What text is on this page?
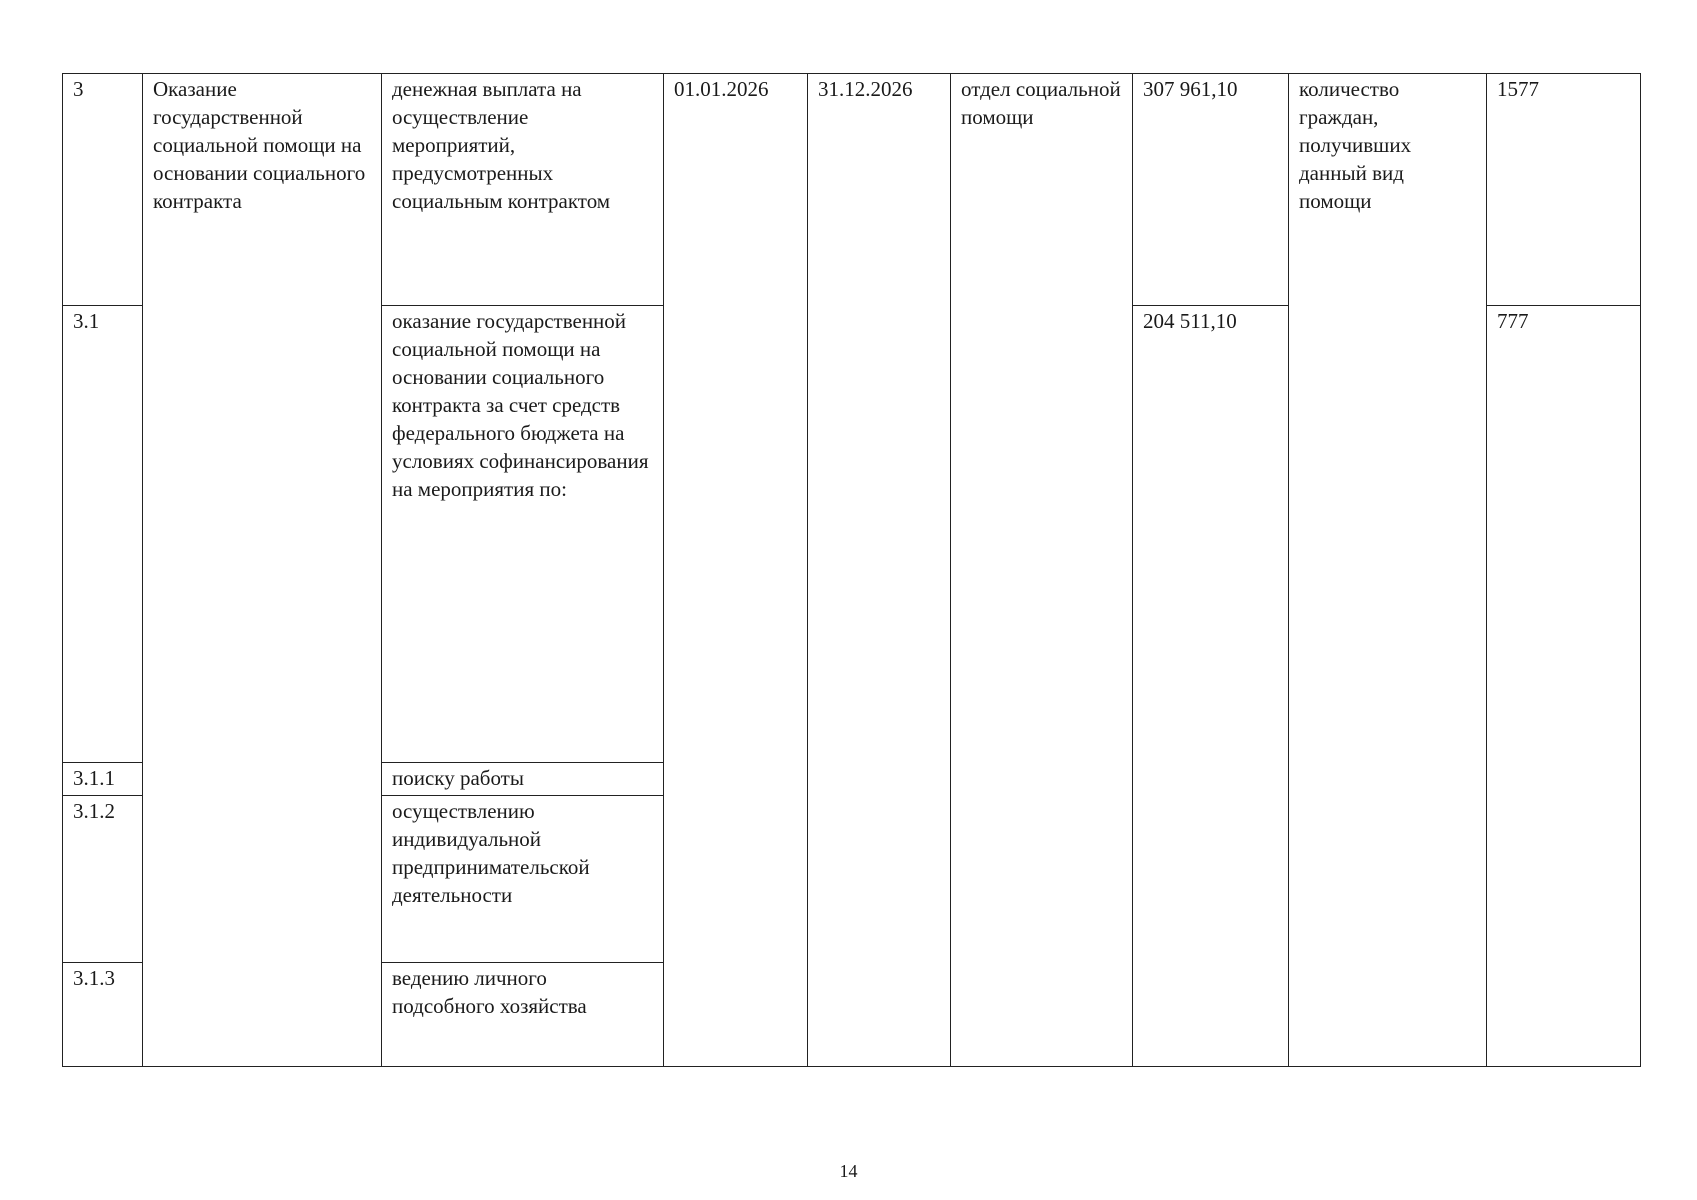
3	Оказание государственной социальной помощи на основании социального контракта	денежная выплата на осуществление мероприятий, предусмотренных социальным контрактом	01.01.2026	31.12.2026	отдел социальной помощи	307 961,10	количество граждан, получивших данный вид помощи	1577
3.1		оказание государственной социальной помощи на основании социального контракта за счет средств федерального бюджета на условиях софинансирования на мероприятия по:				204 511,10		777
3.1.1		поиску работы						
3.1.2		осуществлению индивидуальной предпринимательской деятельности						
3.1.3		ведению личного подсобного хозяйства						
14
